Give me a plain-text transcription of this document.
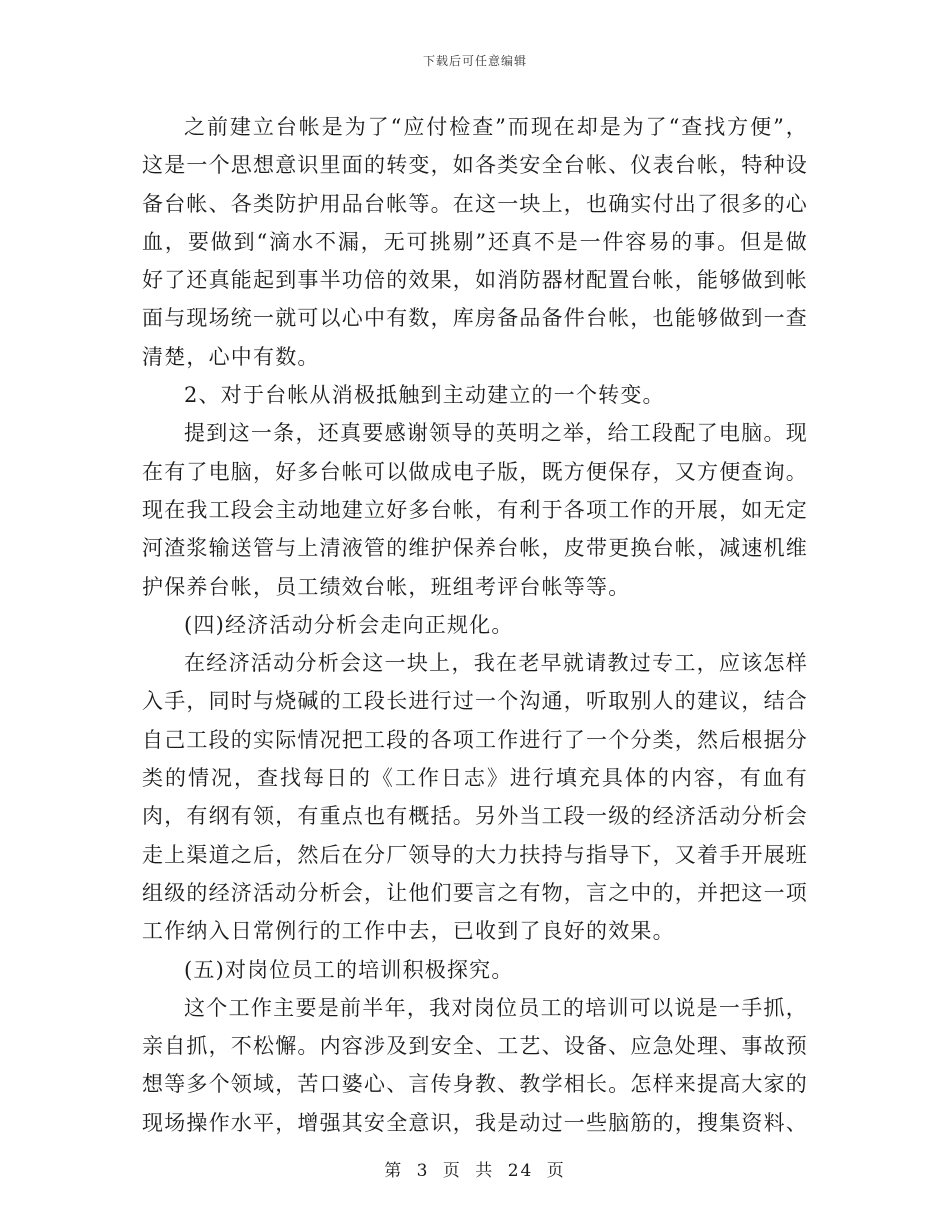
下载后可任意编辑

之前建立台帐是为了“应付检查”而现在却是为了“查找方便”，这是一个思想意识里面的转变，如各类安全台帐、仪表台帐，特种设备台帐、各类防护用品台帐等。在这一块上，也确实付出了很多的心血，要做到“滴水不漏，无可挑剔”还真不是一件容易的事。但是做好了还真能起到事半功倍的效果，如消防器材配置台帐，能够做到帐面与现场统一就可以心中有数，库房备品备件台帐，也能够做到一查清楚，心中有数。

2、对于台帐从消极抵触到主动建立的一个转变。

提到这一条，还真要感谢领导的英明之举，给工段配了电脑。现在有了电脑，好多台帐可以做成电子版，既方便保存，又方便查询。现在我工段会主动地建立好多台帐，有利于各项工作的开展，如无定河渣浆输送管与上清液管的维护保养台帐，皮带更换台帐，减速机维护保养台帐，员工绩效台帐，班组考评台帐等等。

(四)经济活动分析会走向正规化。

在经济活动分析会这一块上，我在老早就请教过专工，应该怎样入手，同时与烧碱的工段长进行过一个沟通，听取别人的建议，结合自己工段的实际情况把工段的各项工作进行了一个分类，然后根据分类的情况，查找每日的《工作日志》进行填充具体的内容，有血有肉，有纲有领，有重点也有概括。另外当工段一级的经济活动分析会走上渠道之后，然后在分厂领导的大力扶持与指导下，又着手开展班组级的经济活动分析会，让他们要言之有物，言之中的，并把这一项工作纳入日常例行的工作中去，已收到了良好的效果。

(五)对岗位员工的培训积极探究。

这个工作主要是前半年，我对岗位员工的培训可以说是一手抓，亲自抓，不松懈。内容涉及到安全、工艺、设备、应急处理、事故预想等多个领域，苦口婆心、言传身教、教学相长。怎样来提高大家的现场操作水平，增强其安全意识，我是动过一些脑筋的，搜集资料、

第 3 页 共 24 页
